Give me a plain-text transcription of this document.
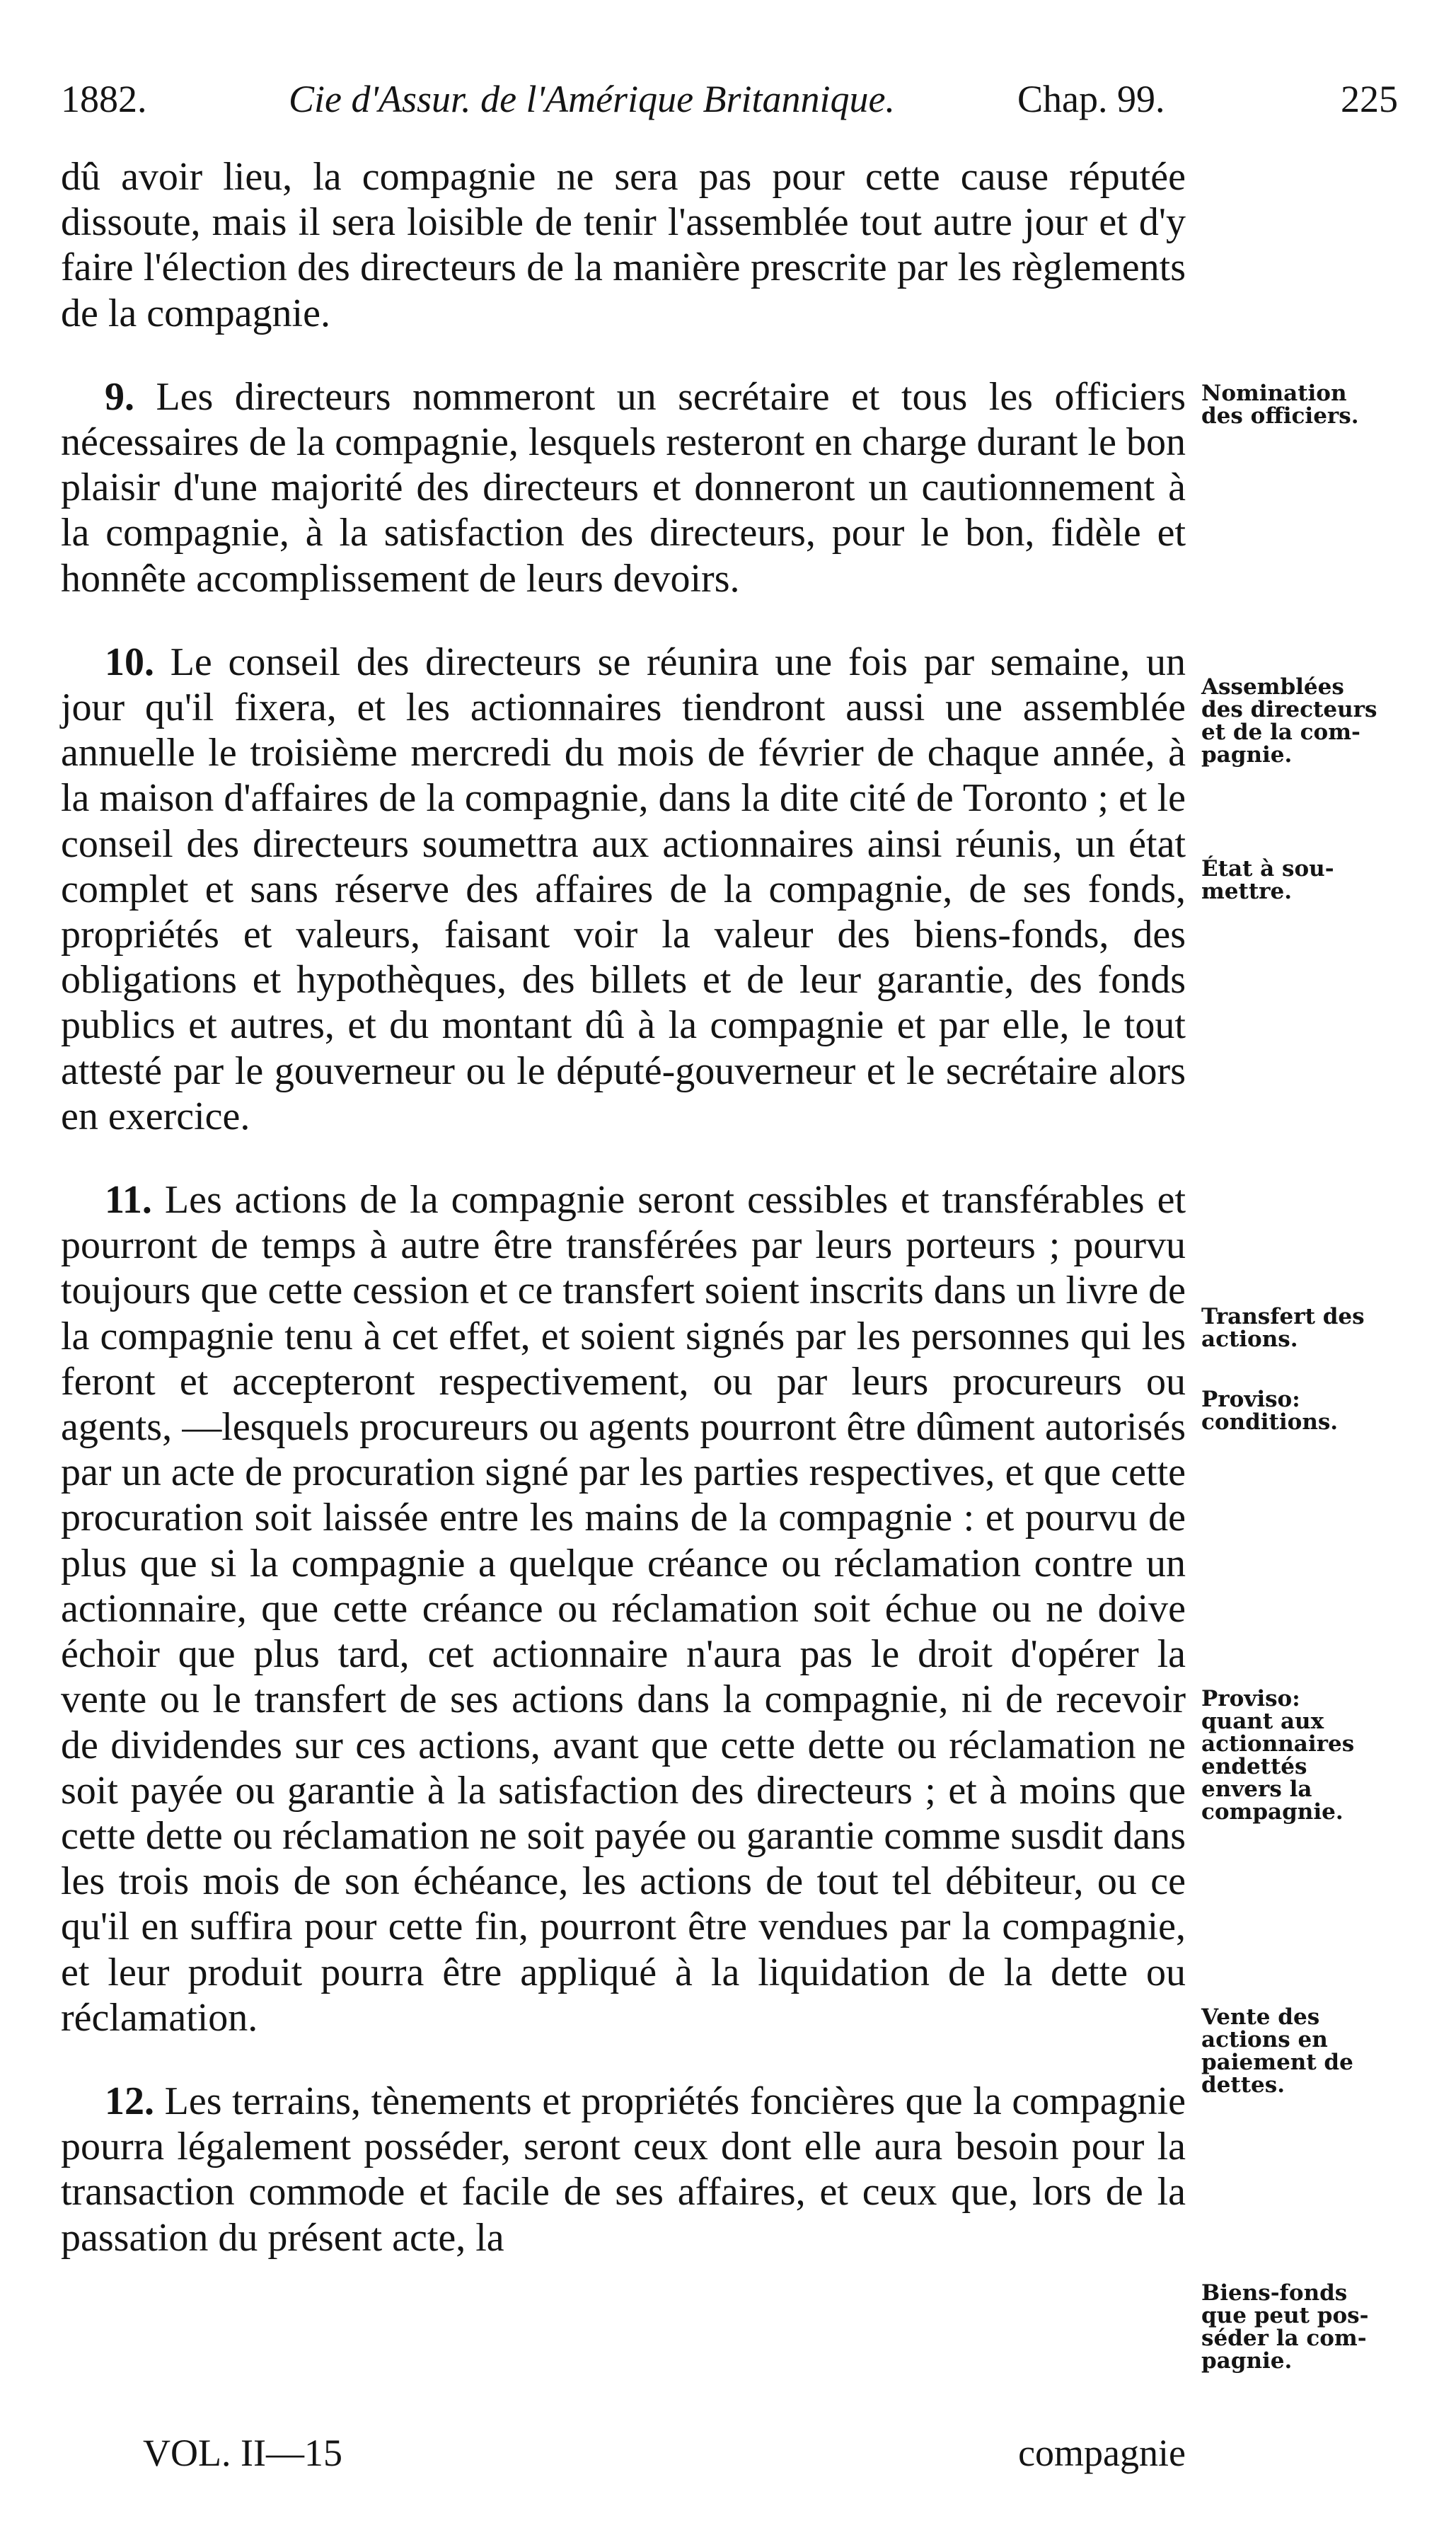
1882.	Cie d'Assur. de l'Amérique Britannique.	Chap. 99.	225

dû avoir lieu, la compagnie ne sera pas pour cette cause réputée dissoute, mais il sera loisible de tenir l'assemblée tout autre jour et d'y faire l'élection des directeurs de la manière prescrite par les règlements de la compagnie.

9. Les directeurs nommeront un secrétaire et tous les officiers nécessaires de la compagnie, lesquels resteront en charge durant le bon plaisir d'une majorité des directeurs et donneront un cautionnement à la compagnie, à la satisfaction des directeurs, pour le bon, fidèle et honnête accomplissement de leurs devoirs.

10. Le conseil des directeurs se réunira une fois par semaine, un jour qu'il fixera, et les actionnaires tiendront aussi une assemblée annuelle le troisième mercredi du mois de février de chaque année, à la maison d'affaires de la compagnie, dans la dite cité de Toronto ; et le conseil des directeurs soumettra aux actionnaires ainsi réunis, un état complet et sans réserve des affaires de la compagnie, de ses fonds, propriétés et valeurs, faisant voir la valeur des biens-fonds, des obligations et hypothèques, des billets et de leur garantie, des fonds publics et autres, et du montant dû à la compagnie et par elle, le tout attesté par le gouverneur ou le député-gouverneur et le secrétaire alors en exercice.

11. Les actions de la compagnie seront cessibles et transférables et pourront de temps à autre être transférées par leurs porteurs ; pourvu toujours que cette cession et ce transfert soient inscrits dans un livre de la compagnie tenu à cet effet, et soient signés par les personnes qui les feront et accepteront respectivement, ou par leurs procureurs ou agents, —lesquels procureurs ou agents pourront être dûment autorisés par un acte de procuration signé par les parties respectives, et que cette procuration soit laissée entre les mains de la compagnie : et pourvu de plus que si la compagnie a quelque créance ou réclamation contre un actionnaire, que cette créance ou réclamation soit échue ou ne doive échoir que plus tard, cet actionnaire n'aura pas le droit d'opérer la vente ou le transfert de ses actions dans la compagnie, ni de recevoir de dividendes sur ces actions, avant que cette dette ou réclamation ne soit payée ou garantie à la satisfaction des directeurs ; et à moins que cette dette ou réclamation ne soit payée ou garantie comme susdit dans les trois mois de son échéance, les actions de tout tel débiteur, ou ce qu'il en suffira pour cette fin, pourront être vendues par la compagnie, et leur produit pourra être appliqué à la liquidation de la dette ou réclamation.

12. Les terrains, tènements et propriétés foncières que la compagnie pourra légalement posséder, seront ceux dont elle aura besoin pour la transaction commode et facile de ses affaires, et ceux que, lors de la passation du présent acte, la

Nomination
des officiers.
Assemblées
des directeurs
et de la com-
pagnie.
État à sou-
mettre.
Transfert des
actions.
Proviso:
conditions.
Proviso:
quant aux
actionnaires
endettés
envers la
compagnie.
Vente des
actions en
paiement de
dettes.
Biens-fonds
que peut pos-
séder la com-
pagnie.
VOL. II—15	compagnie
